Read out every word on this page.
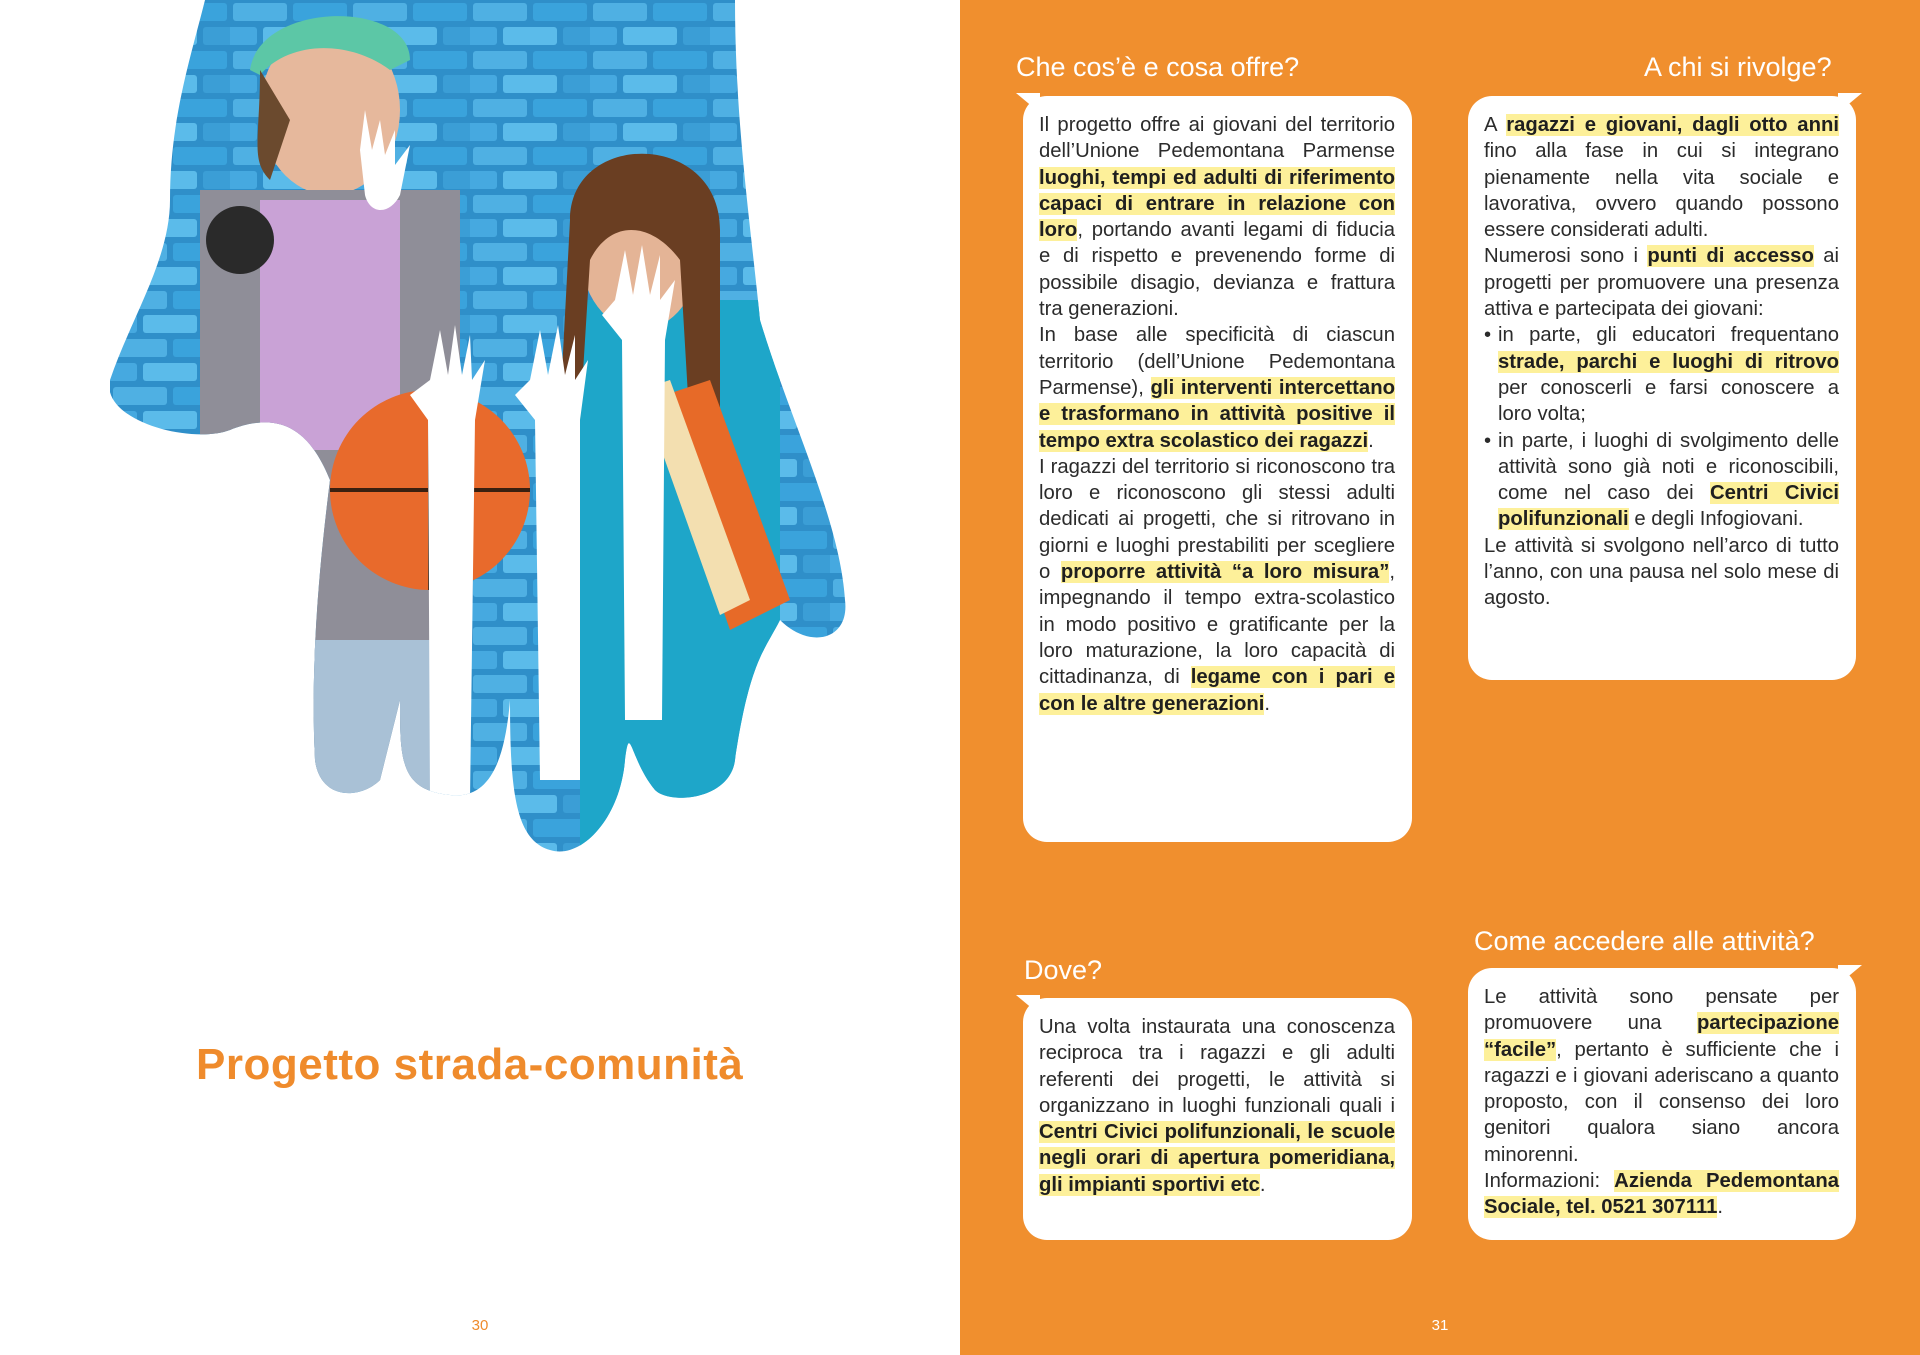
Progetto strada-comunità
30
Che cos’è e cosa offre?

Il progetto offre ai giovani del territorio dell’Unione Pedemontana Parmense luoghi, tempi ed adulti di riferimento capaci di entrare in relazione con loro, portando avanti legami di fiducia e di rispetto e prevenendo forme di possibile disagio, devianza e frattura tra generazioni.

In base alle specificità di ciascun territorio (dell’Unione Pedemontana Parmense), gli interventi intercettano e trasformano in attività positive il tempo extra scolastico dei ragazzi.

I ragazzi del territorio si riconoscono tra loro e riconoscono gli stessi adulti dedicati ai progetti, che si ritrovano in giorni e luoghi prestabiliti per scegliere o proporre attività “a loro misura”, impegnando il tempo extra-scolastico in modo positivo e gratificante per la loro maturazione, la loro capacità di cittadinanza, di legame con i pari e con le altre generazioni.

A chi si rivolge?

A ragazzi e giovani, dagli otto anni fino alla fase in cui si integrano pienamente nella vita sociale e lavorativa, ovvero quando possono essere considerati adulti.

Numerosi sono i punti di accesso ai progetti per promuovere una presenza attiva e partecipata dei giovani:

• in parte, gli educatori frequentano strade, parchi e luoghi di ritrovo per conoscerli e farsi conoscere a loro volta;
• in parte, i luoghi di svolgimento delle attività sono già noti e riconoscibili, come nel caso dei Centri Civici polifunzionali e degli Infogiovani.

Le attività si svolgono nell’arco di tutto l’anno, con una pausa nel solo mese di agosto.

Dove?

Una volta instaurata una conoscenza reciproca tra i ragazzi e gli adulti referenti dei progetti, le attività si organizzano in luoghi funzionali quali i Centri Civici polifunzionali, le scuole negli orari di apertura pomeridiana, gli impianti sportivi etc.

Come accedere alle attività?

Le attività sono pensate per promuovere una partecipazione “facile”, pertanto è sufficiente che i ragazzi e i giovani aderiscano a quanto proposto, con il consenso dei loro genitori qualora siano ancora minorenni.

Informazioni: Azienda Pedemontana Sociale, tel. 0521 307111.

31
